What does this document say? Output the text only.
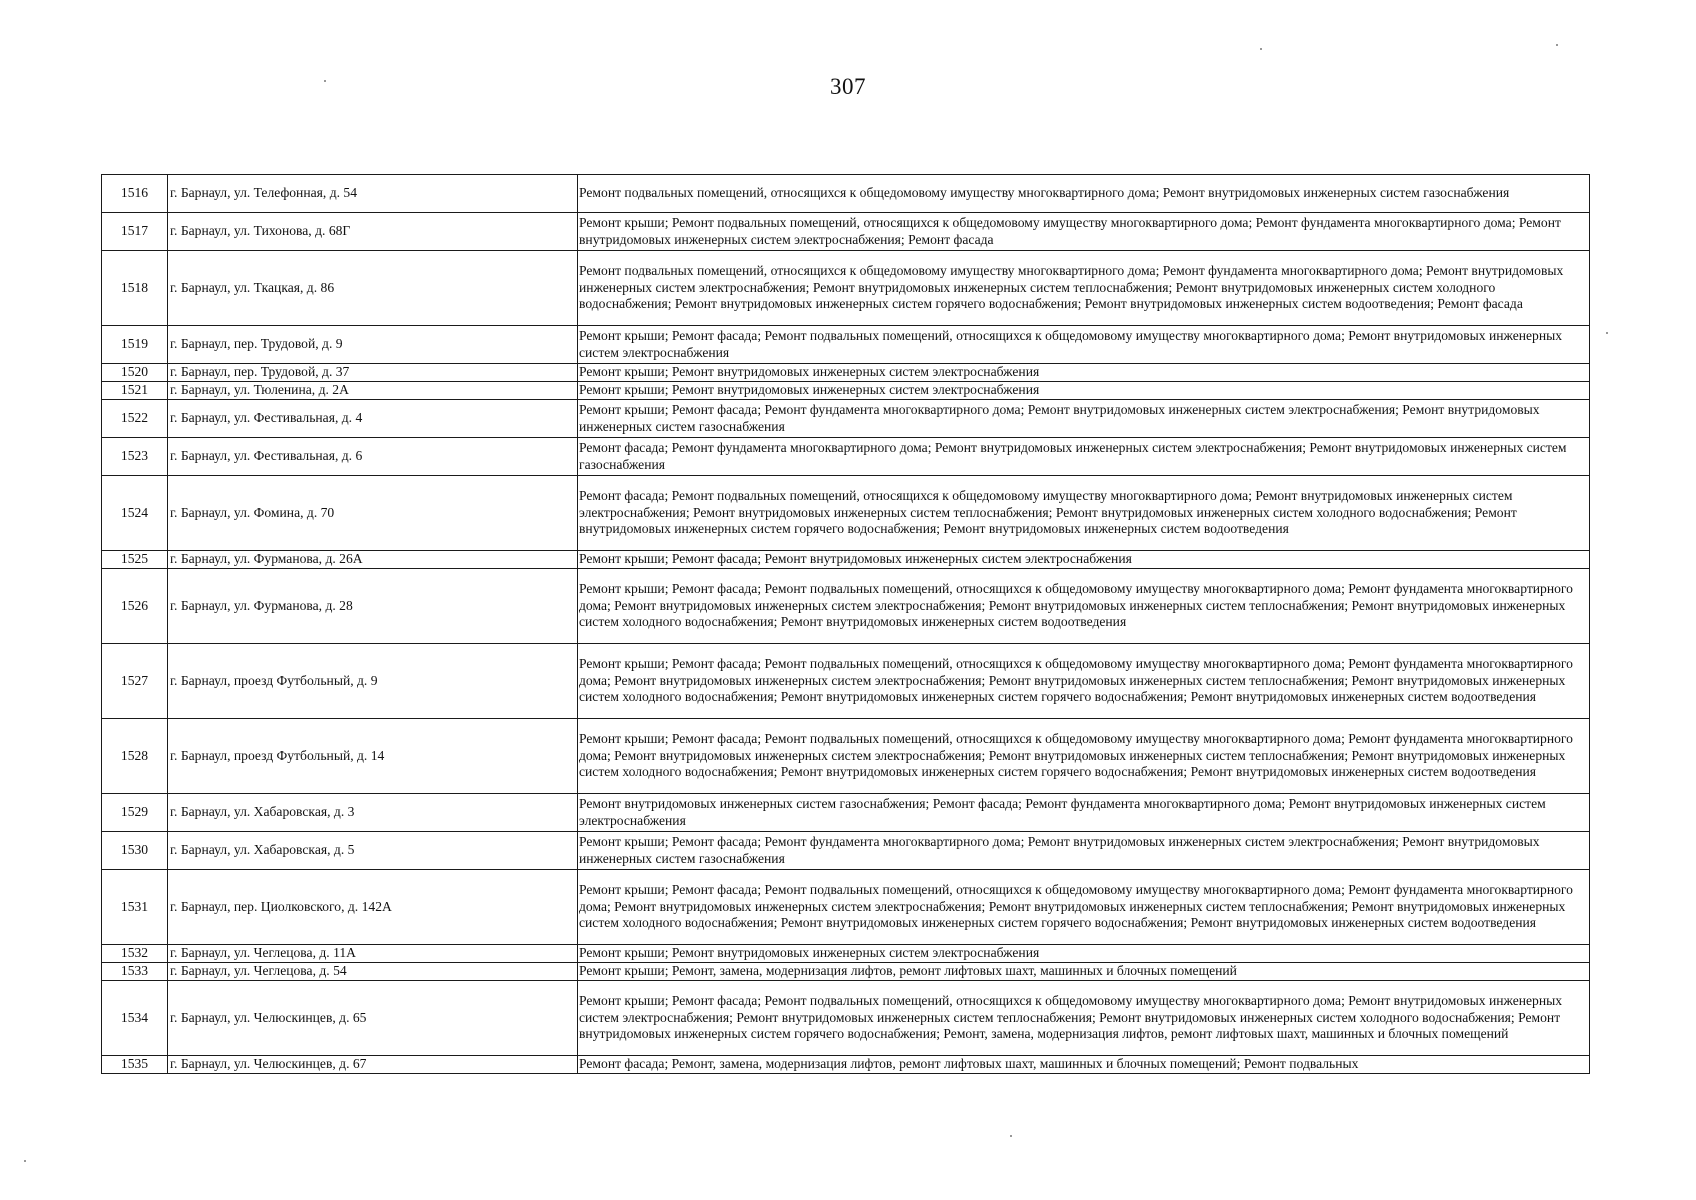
307
1516	г. Барнаул, ул. Телефонная, д. 54	Ремонт подвальных помещений, относящихся к общедомовому имуществу многоквартирного дома; Ремонт внутридомовых инженерных систем газоснабжения
1517	г. Барнаул, ул. Тихонова, д. 68Г	Ремонт крыши; Ремонт подвальных помещений, относящихся к общедомовому имуществу многоквартирного дома; Ремонт фундамента многоквартирного дома; Ремонт внутридомовых инженерных систем электроснабжения; Ремонт фасада
1518	г. Барнаул, ул. Ткацкая, д. 86	Ремонт подвальных помещений, относящихся к общедомовому имуществу многоквартирного дома; Ремонт фундамента многоквартирного дома; Ремонт внутридомовых инженерных систем электроснабжения; Ремонт внутридомовых инженерных систем теплоснабжения; Ремонт внутридомовых инженерных систем холодного водоснабжения; Ремонт внутридомовых инженерных систем горячего водоснабжения; Ремонт внутридомовых инженерных систем водоотведения; Ремонт фасада
1519	г. Барнаул, пер. Трудовой, д. 9	Ремонт крыши; Ремонт фасада; Ремонт подвальных помещений, относящихся к общедомовому имуществу многоквартирного дома; Ремонт внутридомовых инженерных систем электроснабжения
1520	г. Барнаул, пер. Трудовой, д. 37	Ремонт крыши; Ремонт внутридомовых инженерных систем электроснабжения
1521	г. Барнаул, ул. Тюленина, д. 2А	Ремонт крыши; Ремонт внутридомовых инженерных систем электроснабжения
1522	г. Барнаул, ул. Фестивальная, д. 4	Ремонт крыши; Ремонт фасада; Ремонт фундамента многоквартирного дома; Ремонт внутридомовых инженерных систем электроснабжения; Ремонт внутридомовых инженерных систем газоснабжения
1523	г. Барнаул, ул. Фестивальная, д. 6	Ремонт фасада; Ремонт фундамента многоквартирного дома; Ремонт внутридомовых инженерных систем электроснабжения; Ремонт внутридомовых инженерных систем газоснабжения
1524	г. Барнаул, ул. Фомина, д. 70	Ремонт фасада; Ремонт подвальных помещений, относящихся к общедомовому имуществу многоквартирного дома; Ремонт внутридомовых инженерных систем электроснабжения; Ремонт внутридомовых инженерных систем теплоснабжения; Ремонт внутридомовых инженерных систем холодного водоснабжения; Ремонт внутридомовых инженерных систем горячего водоснабжения; Ремонт внутридомовых инженерных систем водоотведения
1525	г. Барнаул, ул. Фурманова, д. 26А	Ремонт крыши; Ремонт фасада; Ремонт внутридомовых инженерных систем электроснабжения
1526	г. Барнаул, ул. Фурманова, д. 28	Ремонт крыши; Ремонт фасада; Ремонт подвальных помещений, относящихся к общедомовому имуществу многоквартирного дома; Ремонт фундамента многоквартирного дома; Ремонт внутридомовых инженерных систем электроснабжения; Ремонт внутридомовых инженерных систем теплоснабжения; Ремонт внутридомовых инженерных систем холодного водоснабжения; Ремонт внутридомовых инженерных систем водоотведения
1527	г. Барнаул, проезд Футбольный, д. 9	Ремонт крыши; Ремонт фасада; Ремонт подвальных помещений, относящихся к общедомовому имуществу многоквартирного дома; Ремонт фундамента многоквартирного дома; Ремонт внутридомовых инженерных систем электроснабжения; Ремонт внутридомовых инженерных систем теплоснабжения; Ремонт внутридомовых инженерных систем холодного водоснабжения; Ремонт внутридомовых инженерных систем горячего водоснабжения; Ремонт внутридомовых инженерных систем водоотведения
1528	г. Барнаул, проезд Футбольный, д. 14	Ремонт крыши; Ремонт фасада; Ремонт подвальных помещений, относящихся к общедомовому имуществу многоквартирного дома; Ремонт фундамента многоквартирного дома; Ремонт внутридомовых инженерных систем электроснабжения; Ремонт внутридомовых инженерных систем теплоснабжения; Ремонт внутридомовых инженерных систем холодного водоснабжения; Ремонт внутридомовых инженерных систем горячего водоснабжения; Ремонт внутридомовых инженерных систем водоотведения
1529	г. Барнаул, ул. Хабаровская, д. 3	Ремонт внутридомовых инженерных систем газоснабжения; Ремонт фасада; Ремонт фундамента многоквартирного дома; Ремонт внутридомовых инженерных систем электроснабжения
1530	г. Барнаул, ул. Хабаровская, д. 5	Ремонт крыши; Ремонт фасада; Ремонт фундамента многоквартирного дома; Ремонт внутридомовых инженерных систем электроснабжения; Ремонт внутридомовых инженерных систем газоснабжения
1531	г. Барнаул, пер. Циолковского, д. 142А	Ремонт крыши; Ремонт фасада; Ремонт подвальных помещений, относящихся к общедомовому имуществу многоквартирного дома; Ремонт фундамента многоквартирного дома; Ремонт внутридомовых инженерных систем электроснабжения; Ремонт внутридомовых инженерных систем теплоснабжения; Ремонт внутридомовых инженерных систем холодного водоснабжения; Ремонт внутридомовых инженерных систем горячего водоснабжения; Ремонт внутридомовых инженерных систем водоотведения
1532	г. Барнаул, ул. Чеглецова, д. 11А	Ремонт крыши; Ремонт внутридомовых инженерных систем электроснабжения
1533	г. Барнаул, ул. Чеглецова, д. 54	Ремонт крыши; Ремонт, замена, модернизация лифтов, ремонт лифтовых шахт, машинных и блочных помещений
1534	г. Барнаул, ул. Челюскинцев, д. 65	Ремонт крыши; Ремонт фасада; Ремонт подвальных помещений, относящихся к общедомовому имуществу многоквартирного дома; Ремонт внутридомовых инженерных систем электроснабжения; Ремонт внутридомовых инженерных систем теплоснабжения; Ремонт внутридомовых инженерных систем холодного водоснабжения; Ремонт внутридомовых инженерных систем горячего водоснабжения; Ремонт, замена, модернизация лифтов, ремонт лифтовых шахт, машинных и блочных помещений
1535	г. Барнаул, ул. Челюскинцев, д. 67	Ремонт фасада; Ремонт, замена, модернизация лифтов, ремонт лифтовых шахт, машинных и блочных помещений; Ремонт подвальных
